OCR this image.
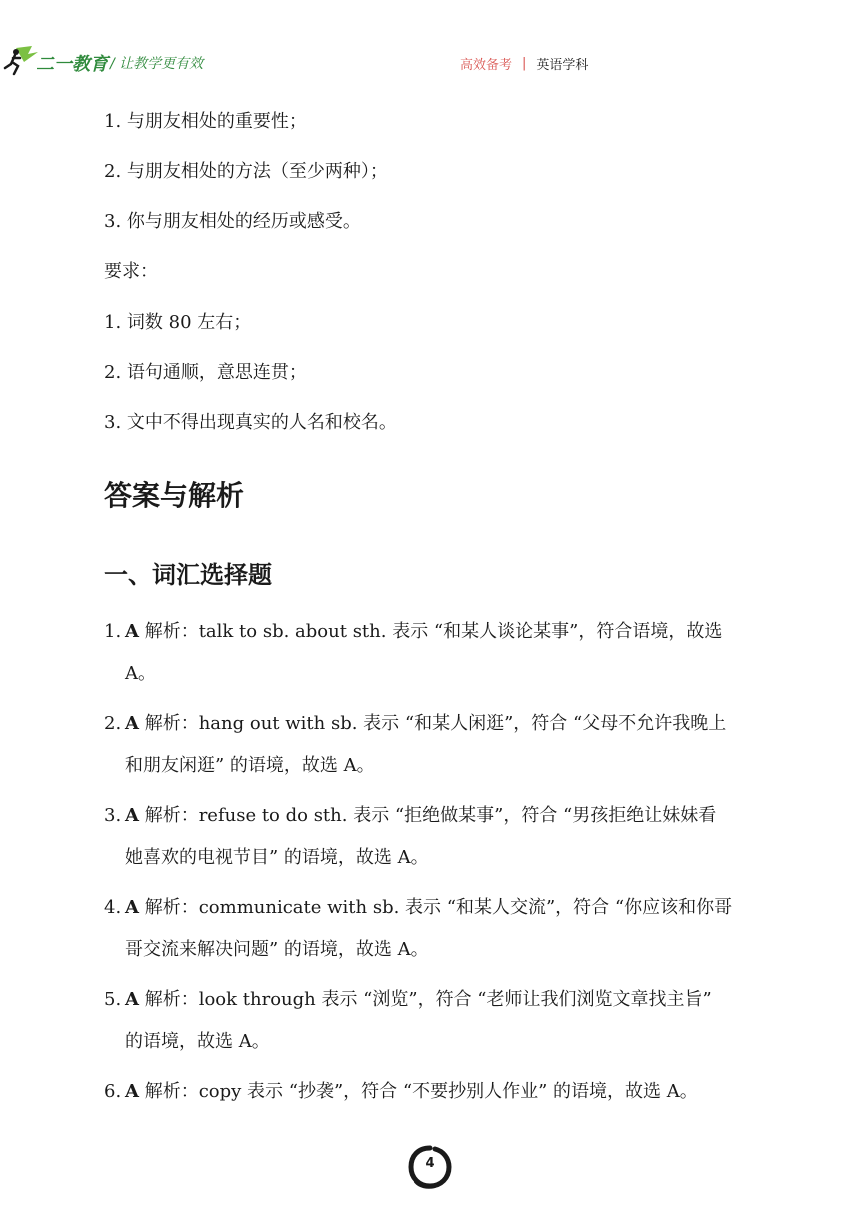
二一教育 / 让教学更有效	高效备考 | 英语学科
1. 与朋友相处的重要性；
2. 与朋友相处的方法（至少两种）；
3. 你与朋友相处的经历或感受。
要求：
1. 词数 80 左右；
2. 语句通顺，意思连贯；
3. 文中不得出现真实的人名和校名。
答案与解析
一、词汇选择题
1. A 解析：talk to sb. about sth. 表示 “和某人谈论某事”，符合语境，故选
A。
2. A 解析：hang out with sb. 表示 “和某人闲逛”，符合 “父母不允许我晚上
和朋友闲逛” 的语境，故选 A。
3. A 解析：refuse to do sth. 表示 “拒绝做某事”，符合 “男孩拒绝让妹妹看
她喜欢的电视节目” 的语境，故选 A。
4. A 解析：communicate with sb. 表示 “和某人交流”，符合 “你应该和你哥
哥交流来解决问题” 的语境，故选 A。
5. A 解析：look through 表示 “浏览”，符合 “老师让我们浏览文章找主旨”
的语境，故选 A。
6. A 解析：copy 表示 “抄袭”，符合 “不要抄别人作业” 的语境，故选 A。
4
